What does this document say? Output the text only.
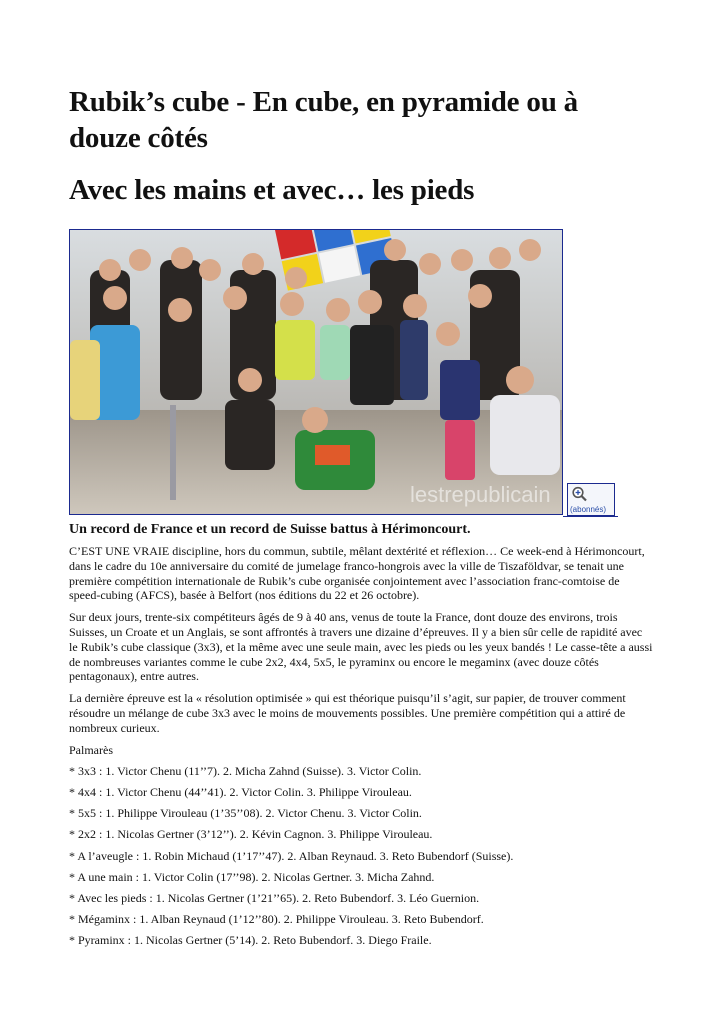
Rubik’s cube - En cube, en pyramide ou à douze côtés
Avec les mains et avec… les pieds
lestrepublicain
(abonnés)

Un record de France et un record de Suisse battus à Hérimoncourt.

C’EST UNE VRAIE discipline, hors du commun, subtile, mêlant dextérité et réflexion… Ce week-end à Hérimoncourt, dans le cadre du 10e anniversaire du comité de jumelage franco-hongrois avec la ville de Tiszaföldvar, se tenait une première compétition internationale de Rubik’s cube organisée conjointement avec l’association franc-comtoise de speed-cubing (AFCS), basée à Belfort (nos éditions du 22 et 26 octobre).

Sur deux jours, trente-six compétiteurs âgés de 9 à 40 ans, venus de toute la France, dont douze des environs, trois Suisses, un Croate et un Anglais, se sont affrontés à travers une dizaine d’épreuves. Il y a bien sûr celle de rapidité avec le Rubik’s cube classique (3x3), et la même avec une seule main, avec les pieds ou les yeux bandés ! Le casse-tête a aussi de nombreuses variantes comme le cube 2x2, 4x4, 5x5, le pyraminx ou encore le megaminx (avec douze côtés pentagonaux), entre autres.

La dernière épreuve est la « résolution optimisée » qui est théorique puisqu’il s’agit, sur papier, de trouver comment résoudre un mélange de cube 3x3 avec le moins de mouvements possibles. Une première compétition qui a attiré de nombreux curieux.

Palmarès

* 3x3 : 1. Victor Chenu (11’’7). 2. Micha Zahnd (Suisse). 3. Victor Colin.

* 4x4 : 1. Victor Chenu (44’’41). 2. Victor Colin. 3. Philippe Virouleau.

* 5x5 : 1. Philippe Virouleau (1’35’’08). 2. Victor Chenu. 3. Victor Colin.

* 2x2 : 1. Nicolas Gertner (3’12’’). 2. Kévin Cagnon. 3. Philippe Virouleau.

* A l’aveugle : 1. Robin Michaud (1’17’’47). 2. Alban Reynaud. 3. Reto Bubendorf (Suisse).

* A une main : 1. Victor Colin (17’’98). 2. Nicolas Gertner. 3. Micha Zahnd.

* Avec les pieds : 1. Nicolas Gertner (1’21’’65). 2. Reto Bubendorf. 3. Léo Guernion.

* Mégaminx : 1. Alban Reynaud (1’12’’80). 2. Philippe Virouleau. 3. Reto Bubendorf.

* Pyraminx : 1. Nicolas Gertner (5’14). 2. Reto Bubendorf. 3. Diego Fraile.
